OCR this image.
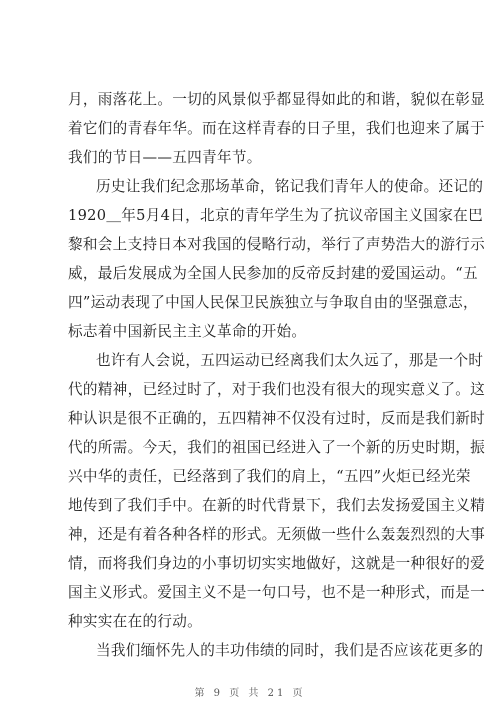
月，雨落花上。一切的风景似乎都显得如此的和谐，貌似在彰显
着它们的青春年华。而在这样青春的日子里，我们也迎来了属于
我们的节日——五四青年节。
历史让我们纪念那场革命，铭记我们青年人的使命。还记的
1920＿年5月4日，北京的青年学生为了抗议帝国主义国家在巴
黎和会上支持日本对我国的侵略行动，举行了声势浩大的游行示
威，最后发展成为全国人民参加的反帝反封建的爱国运动。“五
四”运动表现了中国人民保卫民族独立与争取自由的坚强意志，
标志着中国新民主主义革命的开始。
也许有人会说，五四运动已经离我们太久远了，那是一个时
代的精神，已经过时了，对于我们也没有很大的现实意义了。这
种认识是很不正确的，五四精神不仅没有过时，反而是我们新时
代的所需。今天，我们的祖国已经进入了一个新的历史时期，振
兴中华的责任，已经落到了我们的肩上，“五四”火炬已经光荣
地传到了我们手中。在新的时代背景下，我们去发扬爱国主义精
神，还是有着各种各样的形式。无须做一些什么轰轰烈烈的大事
情，而将我们身边的小事切切实实地做好，这就是一种很好的爱
国主义形式。爱国主义不是一句口号，也不是一种形式，而是一
种实实在在的行动。
当我们缅怀先人的丰功伟绩的同时，我们是否应该花更多的
第 9 页 共 21 页
